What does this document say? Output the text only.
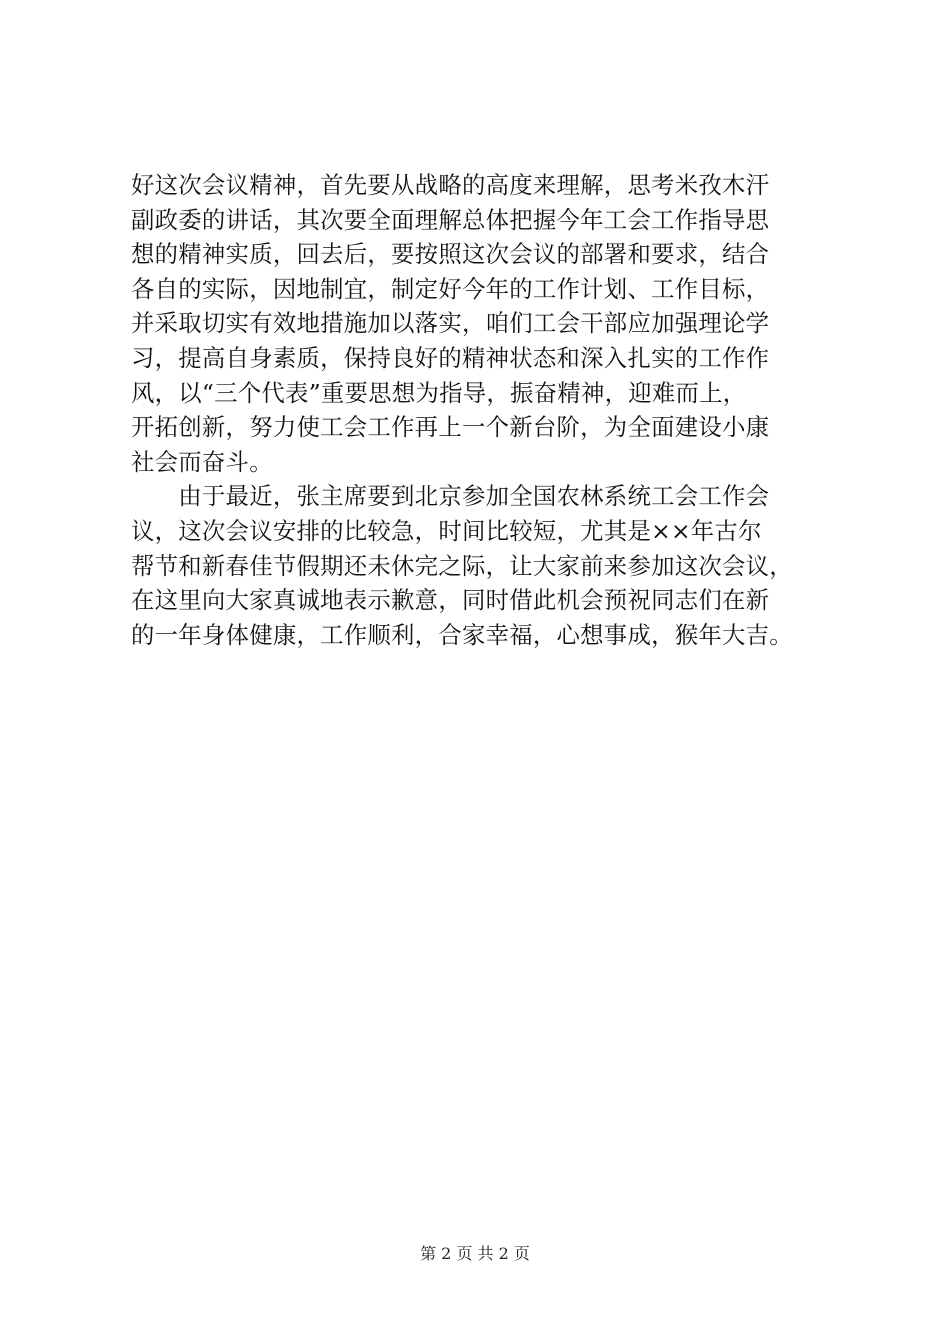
好这次会议精神，首先要从战略的高度来理解，思考米孜木汗
副政委的讲话，其次要全面理解总体把握今年工会工作指导思
想的精神实质，回去后，要按照这次会议的部署和要求，结合
各自的实际，因地制宜，制定好今年的工作计划、工作目标，
并采取切实有效地措施加以落实，咱们工会干部应加强理论学
习，提高自身素质，保持良好的精神状态和深入扎实的工作作
风，以“三个代表”重要思想为指导，振奋精神，迎难而上，
开拓创新，努力使工会工作再上一个新台阶，为全面建设小康
社会而奋斗。
　　由于最近，张主席要到北京参加全国农林系统工会工作会
议，这次会议安排的比较急，时间比较短，尤其是××年古尔
帮节和新春佳节假期还未休完之际，让大家前来参加这次会议，
在这里向大家真诚地表示歉意，同时借此机会预祝同志们在新
的一年身体健康，工作顺利，合家幸福，心想事成，猴年大吉。
第 2 页 共 2 页
